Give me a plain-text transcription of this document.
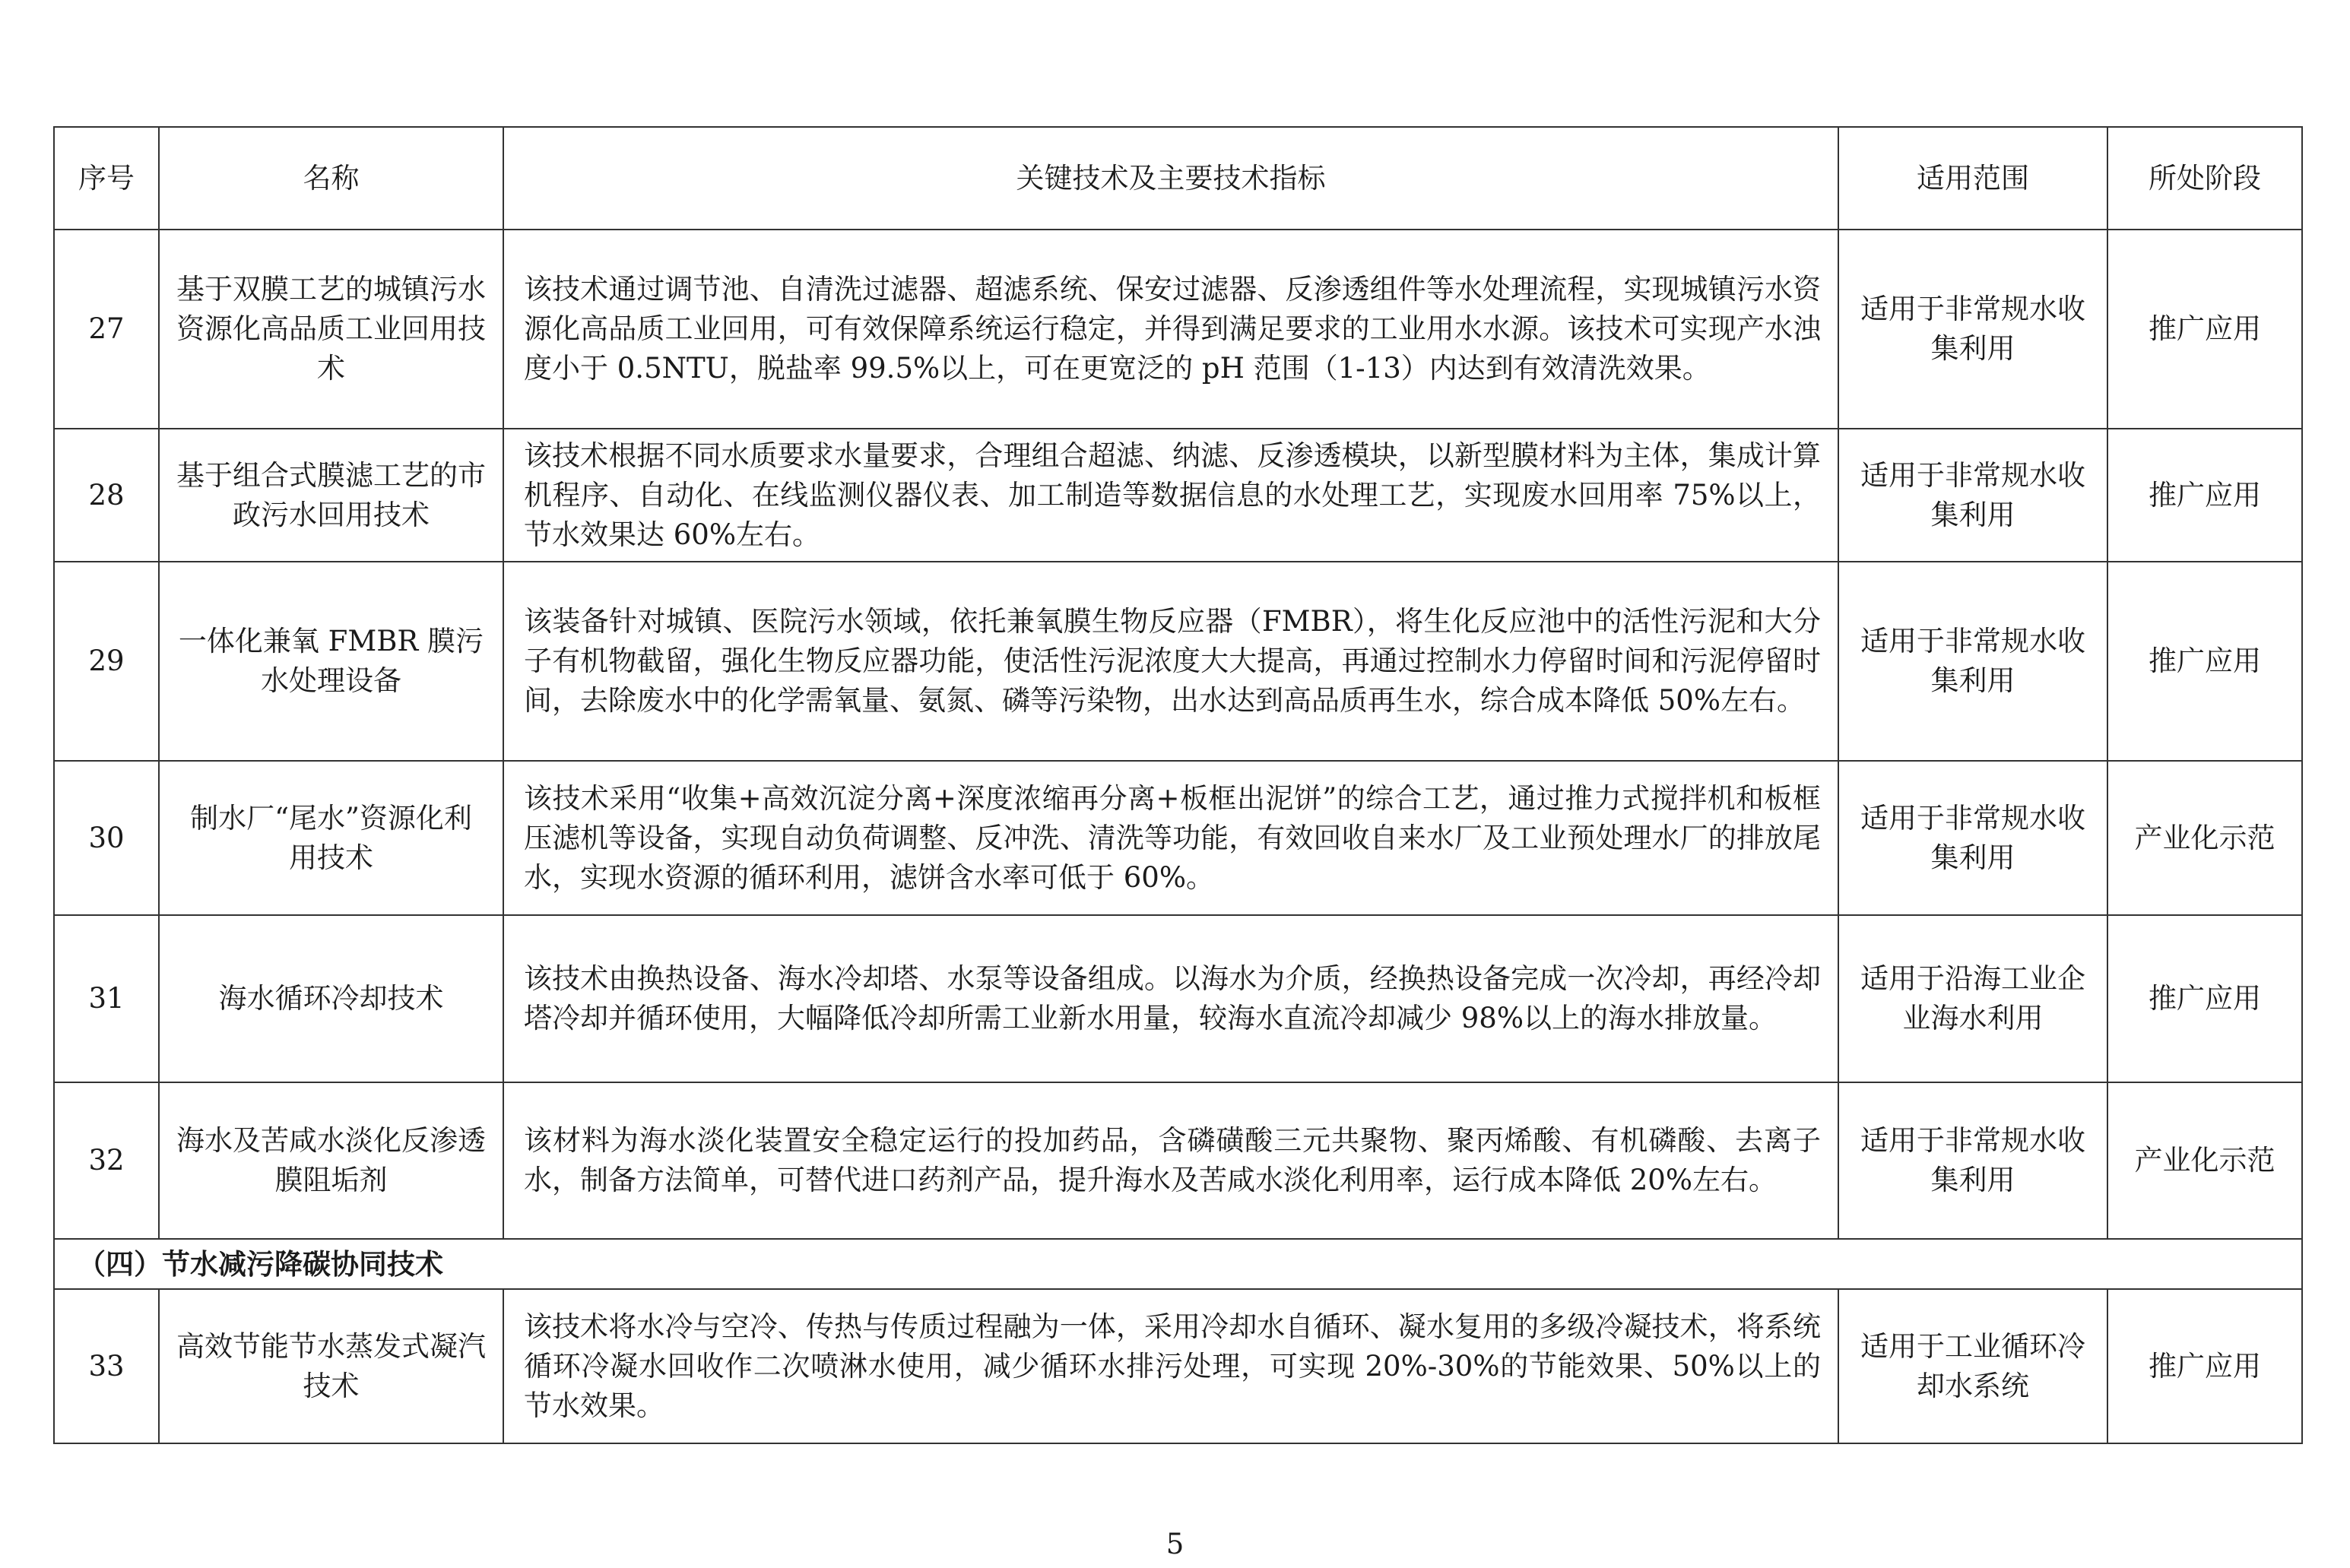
序号	名称	关键技术及主要技术指标	适用范围	所处阶段
27	基于双膜工艺的城镇污水资源化高品质工业回用技术	该技术通过调节池、自清洗过滤器、超滤系统、保安过滤器、反渗透组件等水处理流程，实现城镇污水资源化高品质工业回用，可有效保障系统运行稳定，并得到满足要求的工业用水水源。该技术可实现产水浊度小于 0.5NTU，脱盐率 99.5%以上，可在更宽泛的 pH 范围（1-13）内达到有效清洗效果。	适用于非常规水收集利用	推广应用

28	基于组合式膜滤工艺的市政污水回用技术	该技术根据不同水质要求水量要求，合理组合超滤、纳滤、反渗透模块，以新型膜材料为主体，集成计算机程序、自动化、在线监测仪器仪表、加工制造等数据信息的水处理工艺，实现废水回用率 75%以上，节水效果达 60%左右。	适用于非常规水收集利用	推广应用

29	一体化兼氧 FMBR 膜污水处理设备	该装备针对城镇、医院污水领域，依托兼氧膜生物反应器（FMBR），将生化反应池中的活性污泥和大分子有机物截留，强化生物反应器功能，使活性污泥浓度大大提高，再通过控制水力停留时间和污泥停留时间，去除废水中的化学需氧量、氨氮、磷等污染物，出水达到高品质再生水，综合成本降低 50%左右。	适用于非常规水收集利用	推广应用

30	制水厂“尾水”资源化利用技术	该技术采用“收集+高效沉淀分离+深度浓缩再分离+板框出泥饼”的综合工艺，通过推力式搅拌机和板框压滤机等设备，实现自动负荷调整、反冲洗、清洗等功能，有效回收自来水厂及工业预处理水厂的排放尾水，实现水资源的循环利用，滤饼含水率可低于 60%。	适用于非常规水收集利用	产业化示范

31	海水循环冷却技术	该技术由换热设备、海水冷却塔、水泵等设备组成。以海水为介质，经换热设备完成一次冷却，再经冷却塔冷却并循环使用，大幅降低冷却所需工业新水用量，较海水直流冷却减少 98%以上的海水排放量。	适用于沿海工业企业海水利用	推广应用

32	海水及苦咸水淡化反渗透膜阻垢剂	该材料为海水淡化装置安全稳定运行的投加药品，含磷磺酸三元共聚物、聚丙烯酸、有机磷酸、去离子水，制备方法简单，可替代进口药剂产品，提升海水及苦咸水淡化利用率，运行成本降低 20%左右。	适用于非常规水收集利用	产业化示范

（四）节水减污降碳协同技术				
33	高效节能节水蒸发式凝汽技术	该技术将水冷与空冷、传热与传质过程融为一体，采用冷却水自循环、凝水复用的多级冷凝技术，将系统循环冷凝水回收作二次喷淋水使用，减少循环水排污处理，可实现 20%-30%的节能效果、50%以上的节水效果。	适用于工业循环冷却水系统	推广应用
5
